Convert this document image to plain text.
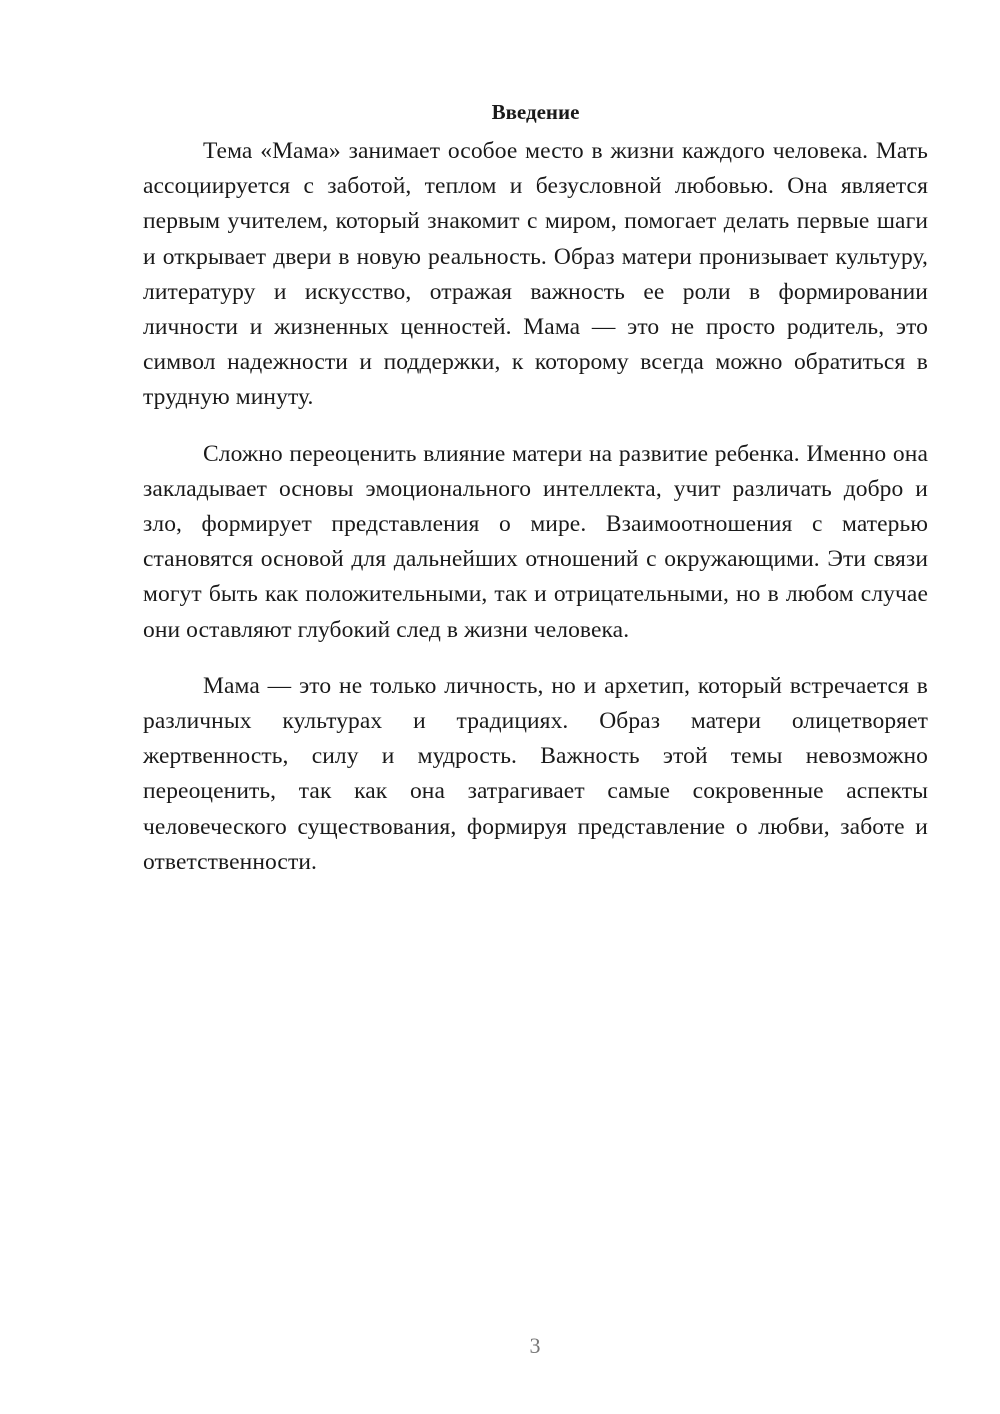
Введение

Тема «Мама» занимает особое место в жизни каждого человека. Мать ассоциируется с заботой, теплом и безусловной любовью. Она является первым учителем, который знакомит с миром, помогает делать первые шаги и открывает двери в новую реальность. Образ матери пронизывает культуру, литературу и искусство, отражая важность ее роли в формировании личности и жизненных ценностей. Мама — это не просто родитель, это символ надежности и поддержки, к которому всегда можно обратиться в трудную минуту.

Сложно переоценить влияние матери на развитие ребенка. Именно она закладывает основы эмоционального интеллекта, учит различать добро и зло, формирует представления о мире. Взаимоотношения с матерью становятся основой для дальнейших отношений с окружающими. Эти связи могут быть как положительными, так и отрицательными, но в любом случае они оставляют глубокий след в жизни человека.

Мама — это не только личность, но и архетип, который встречается в различных культурах и традициях. Образ матери олицетворяет жертвенность, силу и мудрость. Важность этой темы невозможно переоценить, так как она затрагивает самые сокровенные аспекты человеческого существования, формируя представление о любви, заботе и ответственности.

3
